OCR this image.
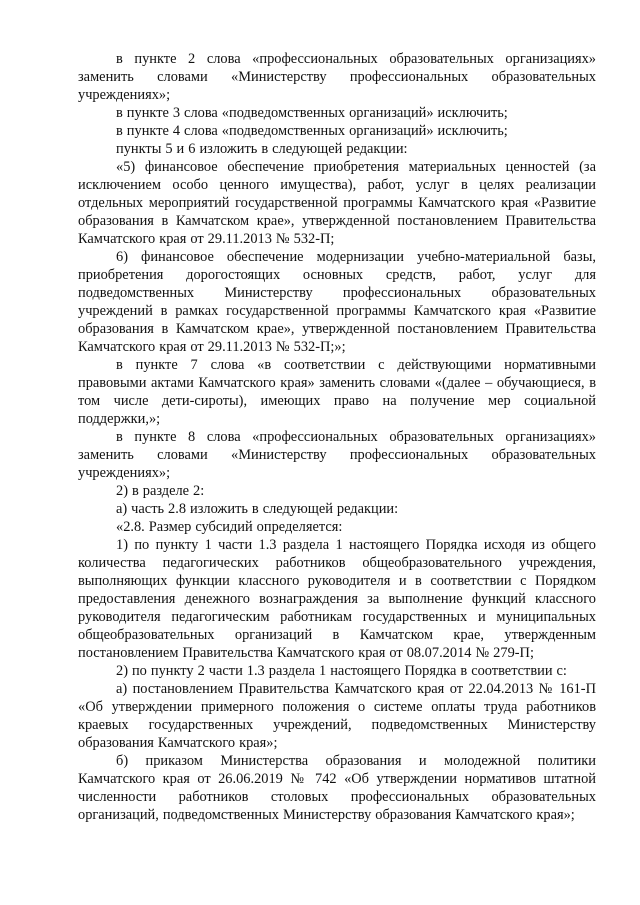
в пункте 2 слова «профессиональных образовательных организациях» заменить словами «Министерству профессиональных образовательных учреждениях»;

в пункте 3 слова «подведомственных организаций» исключить;

в пункте 4 слова «подведомственных организаций» исключить;

пункты 5 и 6 изложить в следующей редакции:

«5) финансовое обеспечение приобретения материальных ценностей (за исключением особо ценного имущества), работ, услуг в целях реализации отдельных мероприятий государственной программы Камчатского края «Развитие образования в Камчатском крае», утвержденной постановлением Правительства Камчатского края от 29.11.2013 № 532-П;

6) финансовое обеспечение модернизации учебно-материальной базы, приобретения дорогостоящих основных средств, работ, услуг для подведомственных Министерству профессиональных образовательных учреждений в рамках государственной программы Камчатского края «Развитие образования в Камчатском крае», утвержденной постановлением Правительства Камчатского края от 29.11.2013 № 532-П;»;

в пункте 7 слова «в соответствии с действующими нормативными правовыми актами Камчатского края» заменить словами «(далее – обучающиеся, в том числе дети-сироты), имеющих право на получение мер социальной поддержки,»;

в пункте 8 слова «профессиональных образовательных организациях» заменить словами «Министерству профессиональных образовательных учреждениях»;

2) в разделе 2:

а) часть 2.8 изложить в следующей редакции:

«2.8. Размер субсидий определяется:

1) по пункту 1 части 1.3 раздела 1 настоящего Порядка исходя из общего количества педагогических работников общеобразовательного учреждения, выполняющих функции классного руководителя и в соответствии с Порядком предоставления денежного вознаграждения за выполнение функций классного руководителя педагогическим работникам государственных и муниципальных общеобразовательных организаций в Камчатском крае, утвержденным постановлением Правительства Камчатского края от 08.07.2014 № 279-П;

2) по пункту 2 части 1.3 раздела 1 настоящего Порядка в соответствии с:

а) постановлением Правительства Камчатского края от 22.04.2013 № 161-П «Об утверждении примерного положения о системе оплаты труда работников краевых государственных учреждений, подведомственных Министерству образования Камчатского края»;

б) приказом Министерства образования и молодежной политики Камчатского края от 26.06.2019 № 742 «Об утверждении нормативов штатной численности работников столовых профессиональных образовательных организаций, подведомственных Министерству образования Камчатского края»;
